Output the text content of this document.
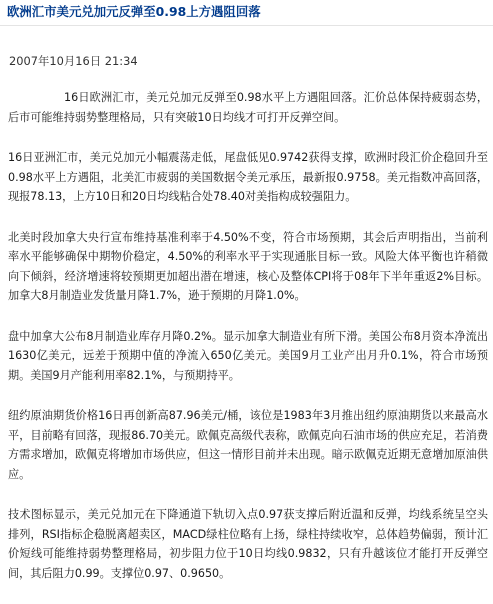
欧洲汇市美元兑加元反弹至0.98上方遇阻回落
2007年10月16日 21:34

16日欧洲汇市，美元兑加元反弹至0.98水平上方遇阻回落。汇价总体保持疲弱态势，后市可能维持弱势整理格局，只有突破10日均线才可打开反弹空间。

16日亚洲汇市，美元兑加元小幅震荡走低，尾盘低见0.9742获得支撑，欧洲时段汇价企稳回升至0.98水平上方遇阻，北美汇市疲弱的美国数据令美元承压，最新报0.9758。美元指数冲高回落，现报78.13，上方10日和20日均线粘合处78.40对美指构成较强阻力。

北美时段加拿大央行宣布维持基准利率于4.50%不变，符合市场预期，其会后声明指出，当前利率水平能够确保中期物价稳定，4.50%的利率水平于实现通胀目标一致。风险大体平衡也许稍微向下倾斜，经济增速将较预期更加超出潜在增速，核心及整体CPI将于08年下半年重返2%目标。加拿大8月制造业发货量月降1.7%，逊于预期的月降1.0%。

盘中加拿大公布8月制造业库存月降0.2%。显示加拿大制造业有所下滑。美国公布8月资本净流出1630亿美元，远差于预期中值的净流入650亿美元。美国9月工业产出月升0.1%，符合市场预期。美国9月产能利用率82.1%，与预期持平。

纽约原油期货价格16日再创新高87.96美元/桶，该位是1983年3月推出纽约原油期货以来最高水平，目前略有回落，现报86.70美元。欧佩克高级代表称，欧佩克向石油市场的供应充足，若消费方需求增加，欧佩克将增加市场供应，但这一情形目前并未出现。暗示欧佩克近期无意增加原油供应。

技术图标显示，美元兑加元在下降通道下轨切入点0.97获支撑后附近温和反弹，均线系统呈空头排列，RSI指标企稳脱离超卖区，MACD绿柱位略有上扬，绿柱持续收窄，总体趋势偏弱，预计汇价短线可能维持弱势整理格局，初步阻力位于10日均线0.9832，只有升越该位才能打开反弹空间，其后阻力0.99。支撑位0.97、0.9650。
